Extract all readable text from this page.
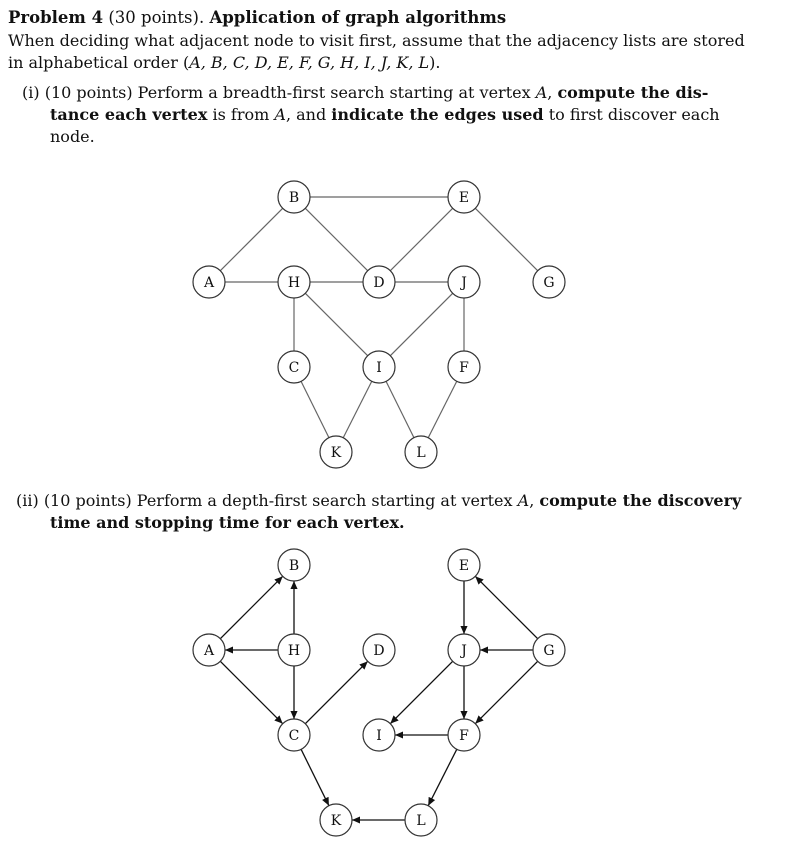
Problem 4 (30 points). Application of graph algorithms
When deciding what adjacent node to visit first, assume that the adjacency lists are stored
in alphabetical order (A, B, C, D, E, F, G, H, I, J, K, L).
(i) (10 points) Perform a breadth-first search starting at vertex A, compute the dis-
tance each vertex is from A, and indicate the edges used to first discover each
node.
(ii) (10 points) Perform a depth-first search starting at vertex A, compute the discovery
time and stopping time for each vertex.
A
B
C
D
E
F
G
H
I
J
K	L
A
B
C
D
E
F
G
H
I
J
K	L
